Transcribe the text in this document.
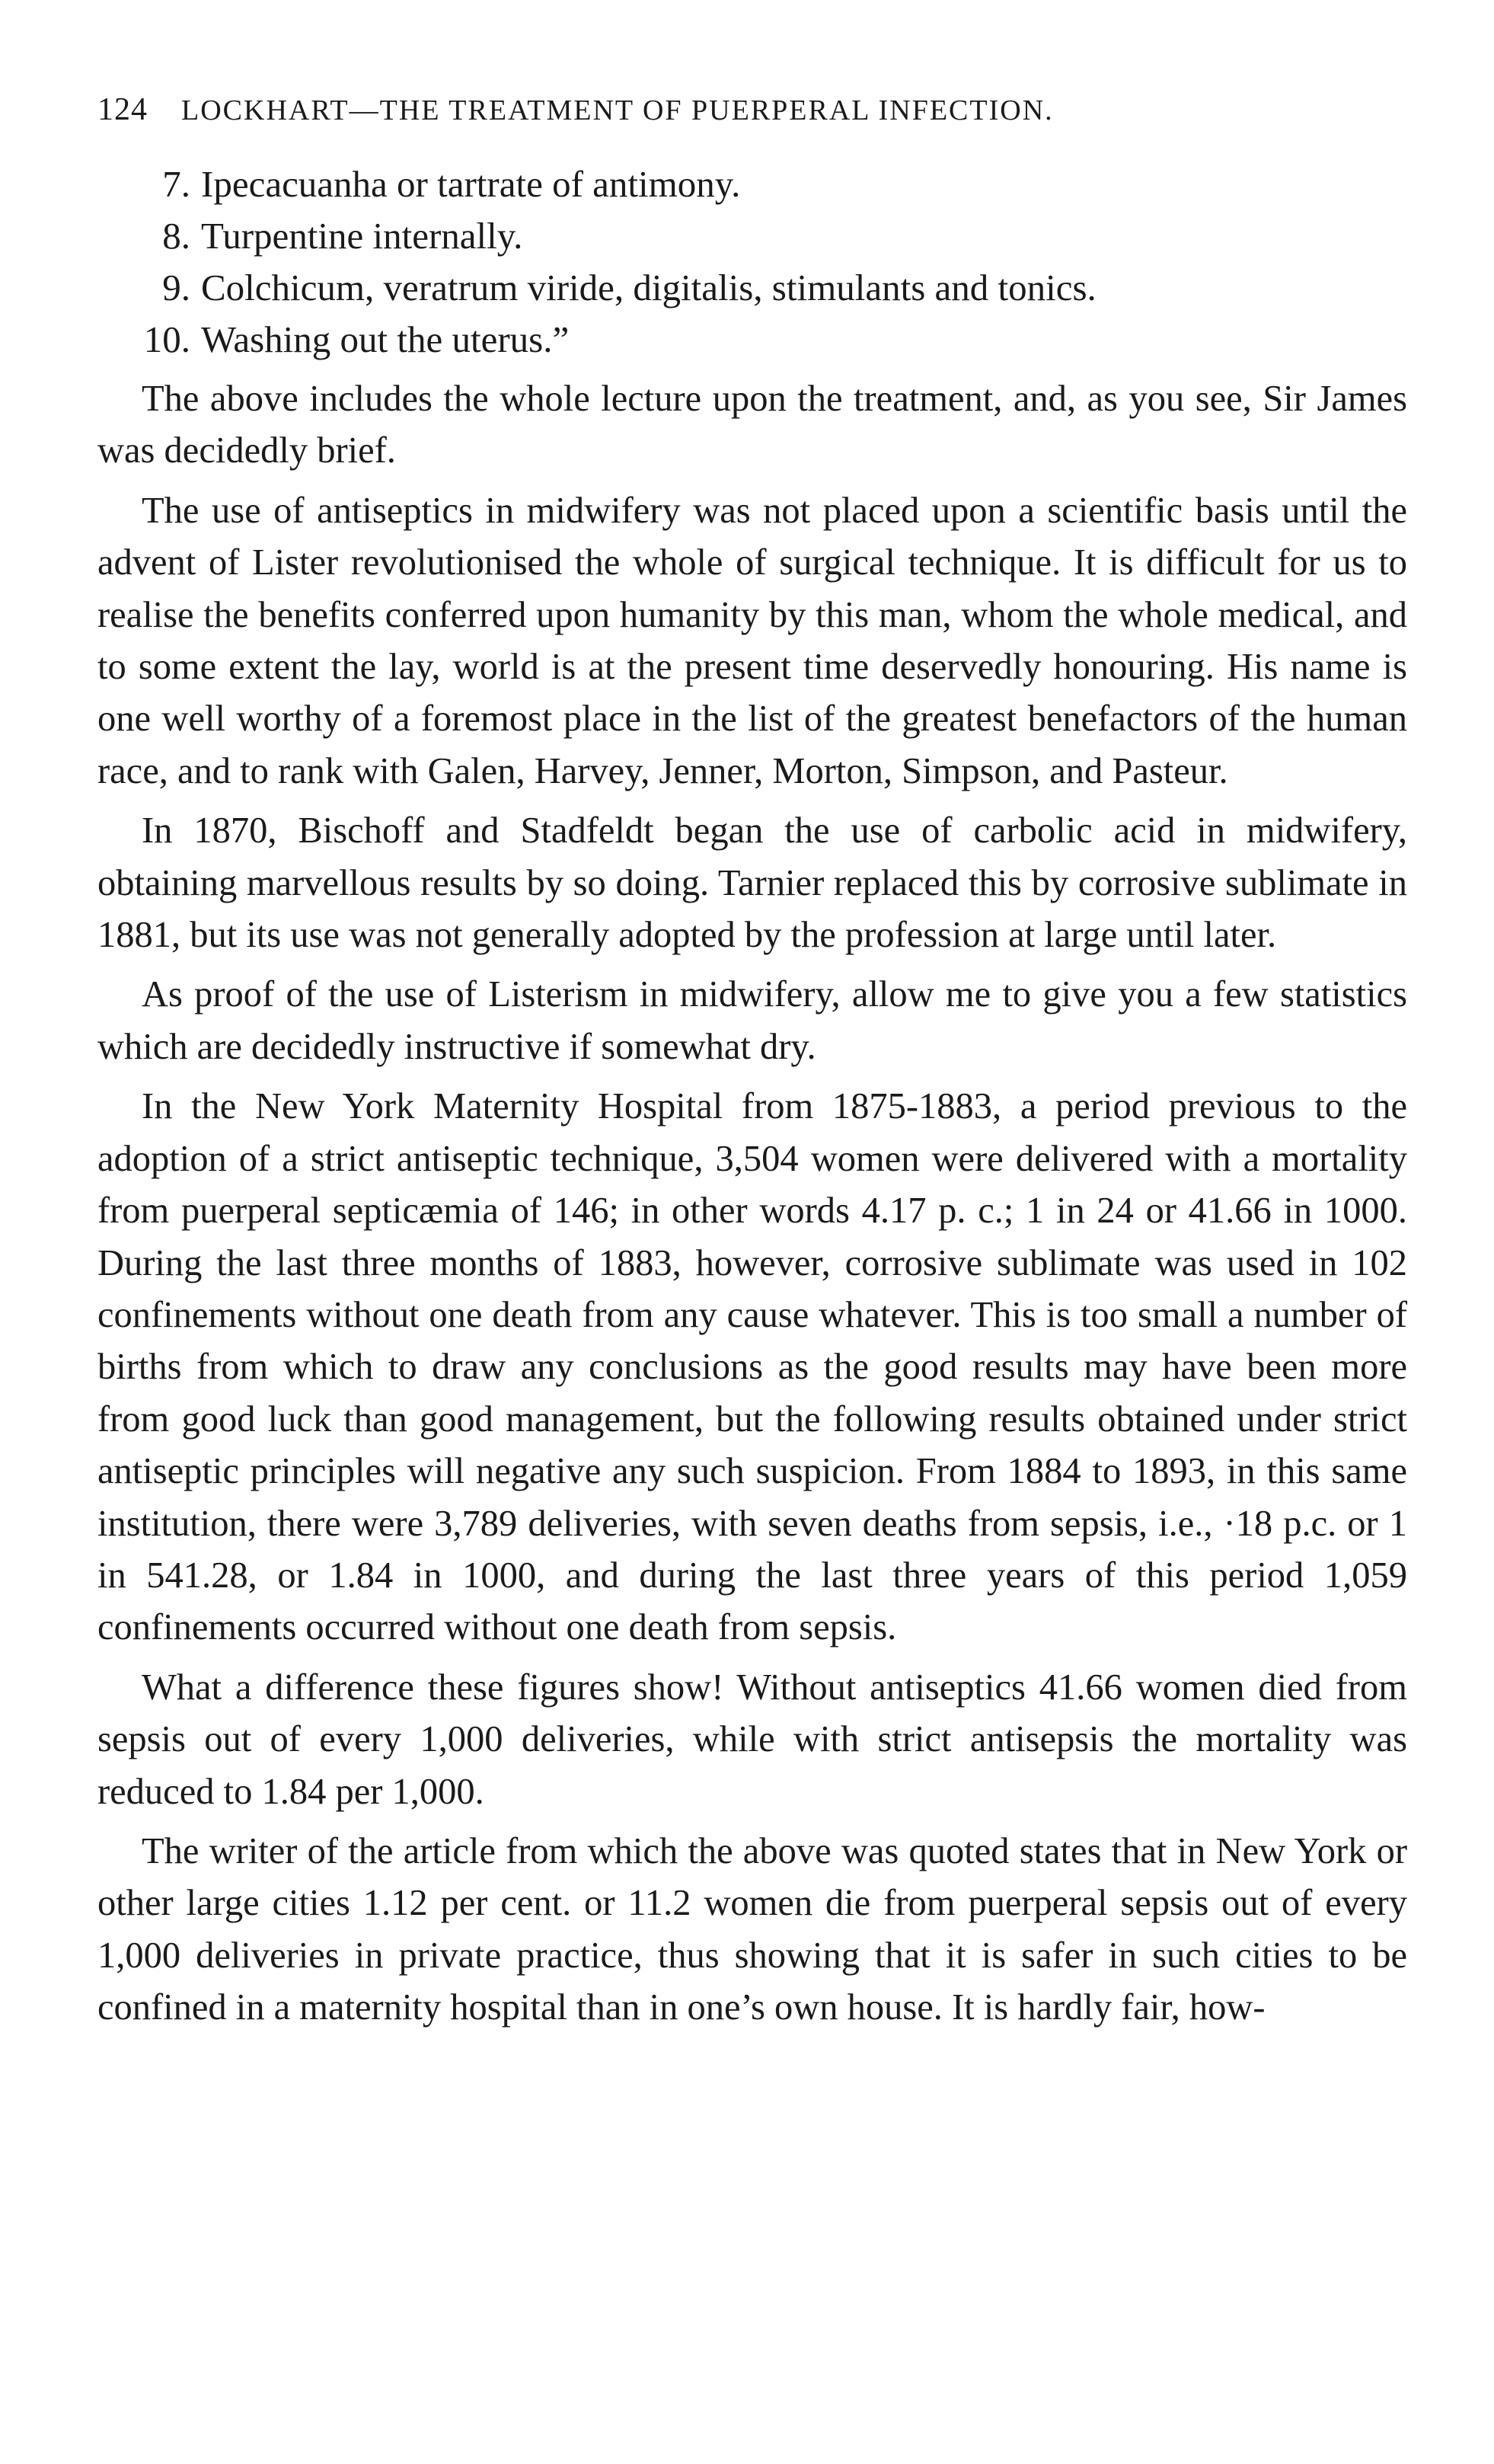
124 LOCKHART—THE TREATMENT OF PUERPERAL INFECTION.
7. Ipecacuanha or tartrate of antimony.
8. Turpentine internally.
9. Colchicum, veratrum viride, digitalis, stimulants and tonics.
10. Washing out the uterus.”

The above includes the whole lecture upon the treatment, and, as you see, Sir James was decidedly brief.

The use of antiseptics in midwifery was not placed upon a scientific basis until the advent of Lister revolutionised the whole of surgical technique. It is difficult for us to realise the benefits conferred upon humanity by this man, whom the whole medical, and to some extent the lay, world is at the present time deservedly honouring. His name is one well worthy of a foremost place in the list of the greatest benefactors of the human race, and to rank with Galen, Harvey, Jenner, Morton, Simpson, and Pasteur.

In 1870, Bischoff and Stadfeldt began the use of carbolic acid in midwifery, obtaining marvellous results by so doing. Tarnier replaced this by corrosive sublimate in 1881, but its use was not generally adopted by the profession at large until later.

As proof of the use of Listerism in midwifery, allow me to give you a few statistics which are decidedly instructive if somewhat dry.

In the New York Maternity Hospital from 1875-1883, a period previous to the adoption of a strict antiseptic technique, 3,504 women were delivered with a mortality from puerperal septicæmia of 146; in other words 4.17 p. c.; 1 in 24 or 41.66 in 1000. During the last three months of 1883, however, corrosive sublimate was used in 102 confinements without one death from any cause whatever. This is too small a number of births from which to draw any conclusions as the good results may have been more from good luck than good management, but the following results obtained under strict antiseptic principles will negative any such suspicion. From 1884 to 1893, in this same institution, there were 3,789 deliveries, with seven deaths from sepsis, i.e., ·18 p.c. or 1 in 541.28, or 1.84 in 1000, and during the last three years of this period 1,059 confinements occurred without one death from sepsis.

What a difference these figures show! Without antiseptics 41.66 women died from sepsis out of every 1,000 deliveries, while with strict antisepsis the mortality was reduced to 1.84 per 1,000.

The writer of the article from which the above was quoted states that in New York or other large cities 1.12 per cent. or 11.2 women die from puerperal sepsis out of every 1,000 deliveries in private practice, thus showing that it is safer in such cities to be confined in a maternity hospital than in one’s own house. It is hardly fair, how-
